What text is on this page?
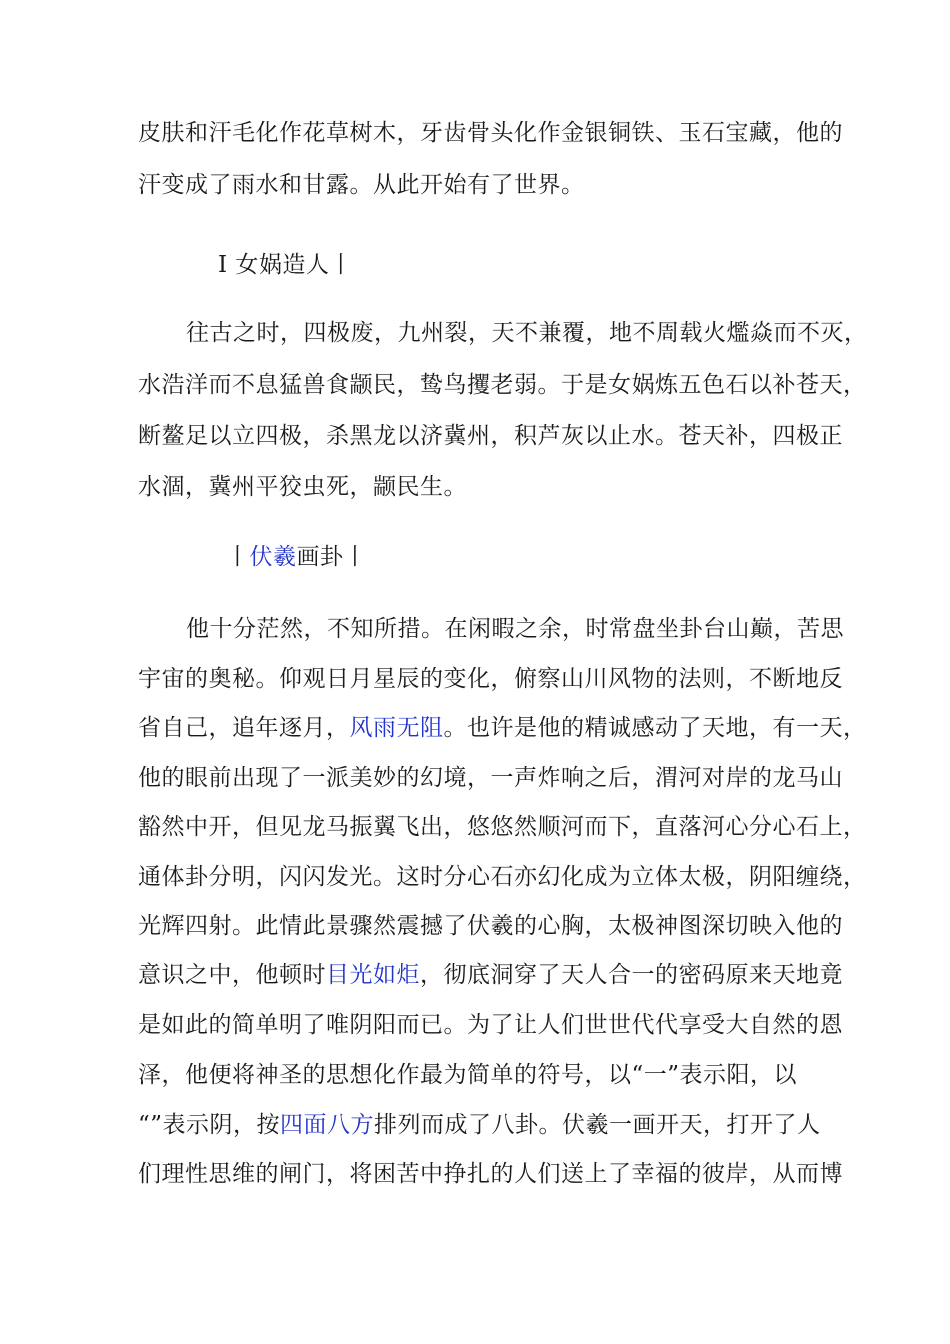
皮肤和汗毛化作花草树木，牙齿骨头化作金银铜铁、玉石宝藏，他的
汗变成了雨水和甘露。从此开始有了世界。
I 女娲造人丨
往古之时，四极废，九州裂，天不兼覆，地不周载火爁焱而不灭，
水浩洋而不息猛兽食颛民，鸷鸟攫老弱。于是女娲炼五色石以补苍天，
断鳌足以立四极，杀黑龙以济冀州，积芦灰以止水。苍天补，四极正
水涸，冀州平狡虫死，颛民生。
丨伏羲画卦丨
他十分茫然，不知所措。在闲暇之余，时常盘坐卦台山巅，苦思
宇宙的奥秘。仰观日月星辰的变化，俯察山川风物的法则，不断地反
省自己，追年逐月，风雨无阻。也许是他的精诚感动了天地，有一天，
他的眼前出现了一派美妙的幻境，一声炸响之后，渭河对岸的龙马山
豁然中开，但见龙马振翼飞出，悠悠然顺河而下，直落河心分心石上，
通体卦分明，闪闪发光。这时分心石亦幻化成为立体太极，阴阳缠绕，
光辉四射。此情此景骤然震撼了伏羲的心胸，太极神图深切映入他的
意识之中，他顿时目光如炬，彻底洞穿了天人合一的密码原来天地竟
是如此的简单明了唯阴阳而已。为了让人们世世代代享受大自然的恩
泽，他便将神圣的思想化作最为简单的符号，以“一”表示阳，以
“”表示阴，按四面八方排列而成了八卦。伏羲一画开天，打开了人
们理性思维的闸门，将困苦中挣扎的人们送上了幸福的彼岸，从而博
